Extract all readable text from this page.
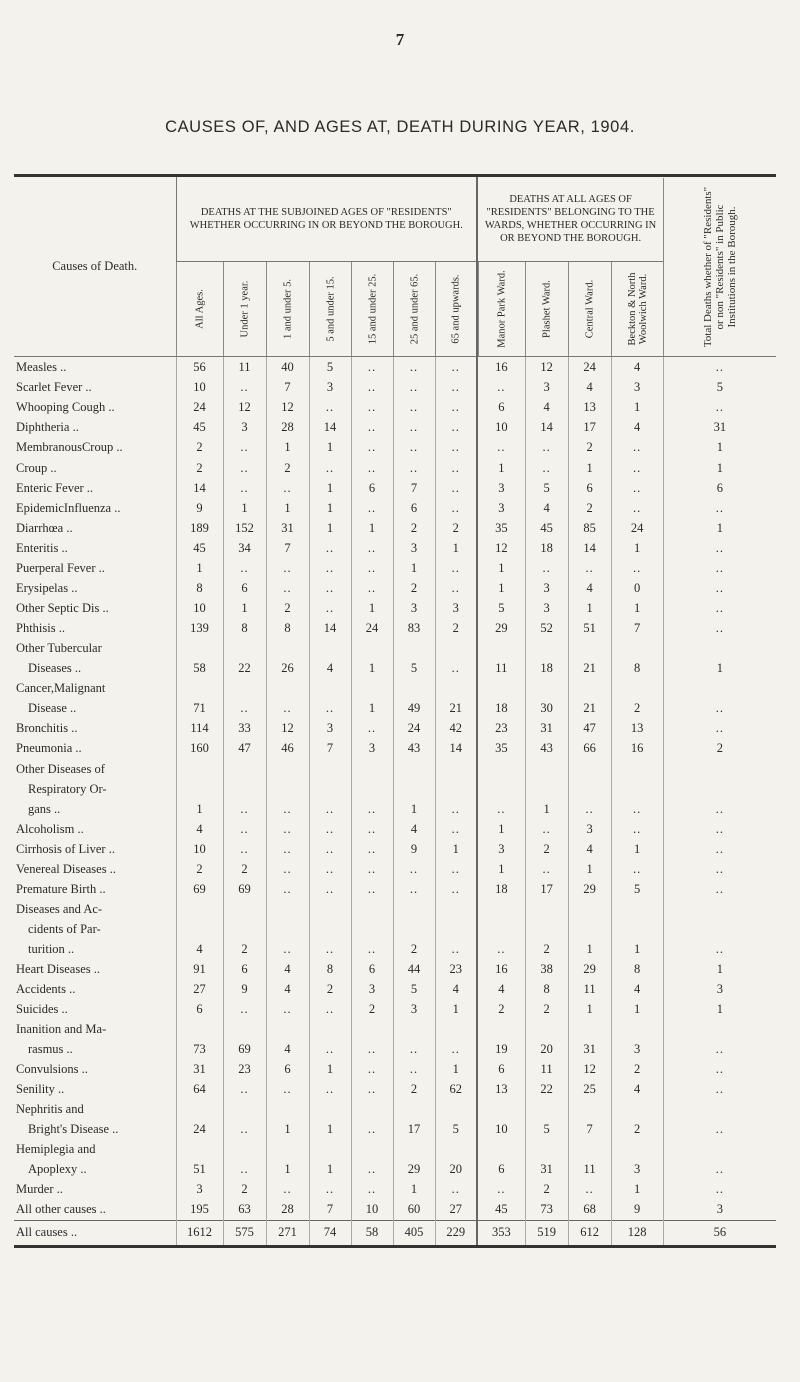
7
CAUSES OF, AND AGES AT, DEATH DURING YEAR, 1904.
Causes of Death.	DEATHS AT THE SUBJOINED AGES OF "RESIDENTS" WHETHER OCCURRING IN OR BEYOND THE BOROUGH.							DEATHS AT ALL AGES OF "RESIDENTS" BELONGING TO THE WARDS, WHETHER OCCURRING IN OR BEYOND THE BOROUGH.				Total Deaths whether of "Residents" or non "Residents" in Public Institutions in the Borough.

	All Ages.	Under 1 year.	1 and under 5.	5 and under 15.	15 and under 25.	25 and under 65.	65 and upwards.	Manor Park Ward.	Plashet Ward.	Central Ward.	Beckton & North Woolwich Ward.	

Measles ..	56	11	40	5	..	..	..	16	12	24	4	..
Scarlet Fever ..	10	..	7	3	..	..	..	..	3	4	3	5
Whooping Cough ..	24	12	12	..	..	..	..	6	4	13	1	..
Diphtheria ..	45	3	28	14	..	..	..	10	14	17	4	31
MembranousCroup ..	2	..	1	1	..	..	..	..	..	2	..	1
Croup ..	2	..	2	..	..	..	..	1	..	1	..	1
Enteric Fever ..	14	..	..	1	6	7	..	3	5	6	..	6
EpidemicInfluenza ..	9	1	1	1	..	6	..	3	4	2	..	..
Diarrhœa ..	189	152	31	1	1	2	2	35	45	85	24	1
Enteritis ..	45	34	7	..	..	3	1	12	18	14	1	..
Puerperal Fever ..	1	..	..	..	..	1	..	1	..	..	..	..
Erysipelas ..	8	6	..	..	..	2	..	1	3	4	0	..
Other Septic Dis ..	10	1	2	..	1	3	3	5	3	1	1	..
Phthisis ..	139	8	8	14	24	83	2	29	52	51	7	..

Other Tubercular
Diseases ..	58	22	26	4	1	5	..	11	18	21	8	1

Cancer,Malignant
Disease ..	71	..	..	..	1	49	21	18	30	21	2	..
Bronchitis ..	114	33	12	3	..	24	42	23	31	47	13	..
Pneumonia ..	160	47	46	7	3	43	14	35	43	66	16	2

Other Diseases of
Respiratory Or-
gans ..	1	..	..	..	..	1	..	..	1	..	..	..
Alcoholism ..	4	..	..	..	..	4	..	1	..	3	..	..
Cirrhosis of Liver ..	10	..	..	..	..	9	1	3	2	4	1	..
Venereal Diseases ..	2	2	..	..	..	..	..	1	..	1	..	..
Premature Birth ..	69	69	..	..	..	..	..	18	17	29	5	..

Diseases and Ac-
cidents of Par-
turition ..	4	2	..	..	..	2	..	..	2	1	1	..
Heart Diseases ..	91	6	4	8	6	44	23	16	38	29	8	1
Accidents ..	27	9	4	2	3	5	4	4	8	11	4	3
Suicides ..	6	..	..	..	2	3	1	2	2	1	1	1

Inanition and Ma-
rasmus ..	73	69	4	..	..	..	..	19	20	31	3	..
Convulsions ..	31	23	6	1	..	..	1	6	11	12	2	..
Senility ..	64	..	..	..	..	2	62	13	22	25	4	..

Nephritis and
Bright's Disease ..	24	..	1	1	..	17	5	10	5	7	2	..

Hemiplegia and
Apoplexy ..	51	..	1	1	..	29	20	6	31	11	3	..
Murder ..	3	2	..	..	..	1	..	..	2	..	1	..
All other causes ..	195	63	28	7	10	60	27	45	73	68	9	3
All causes ..	1612	575	271	74	58	405	229	353	519	612	128	56
